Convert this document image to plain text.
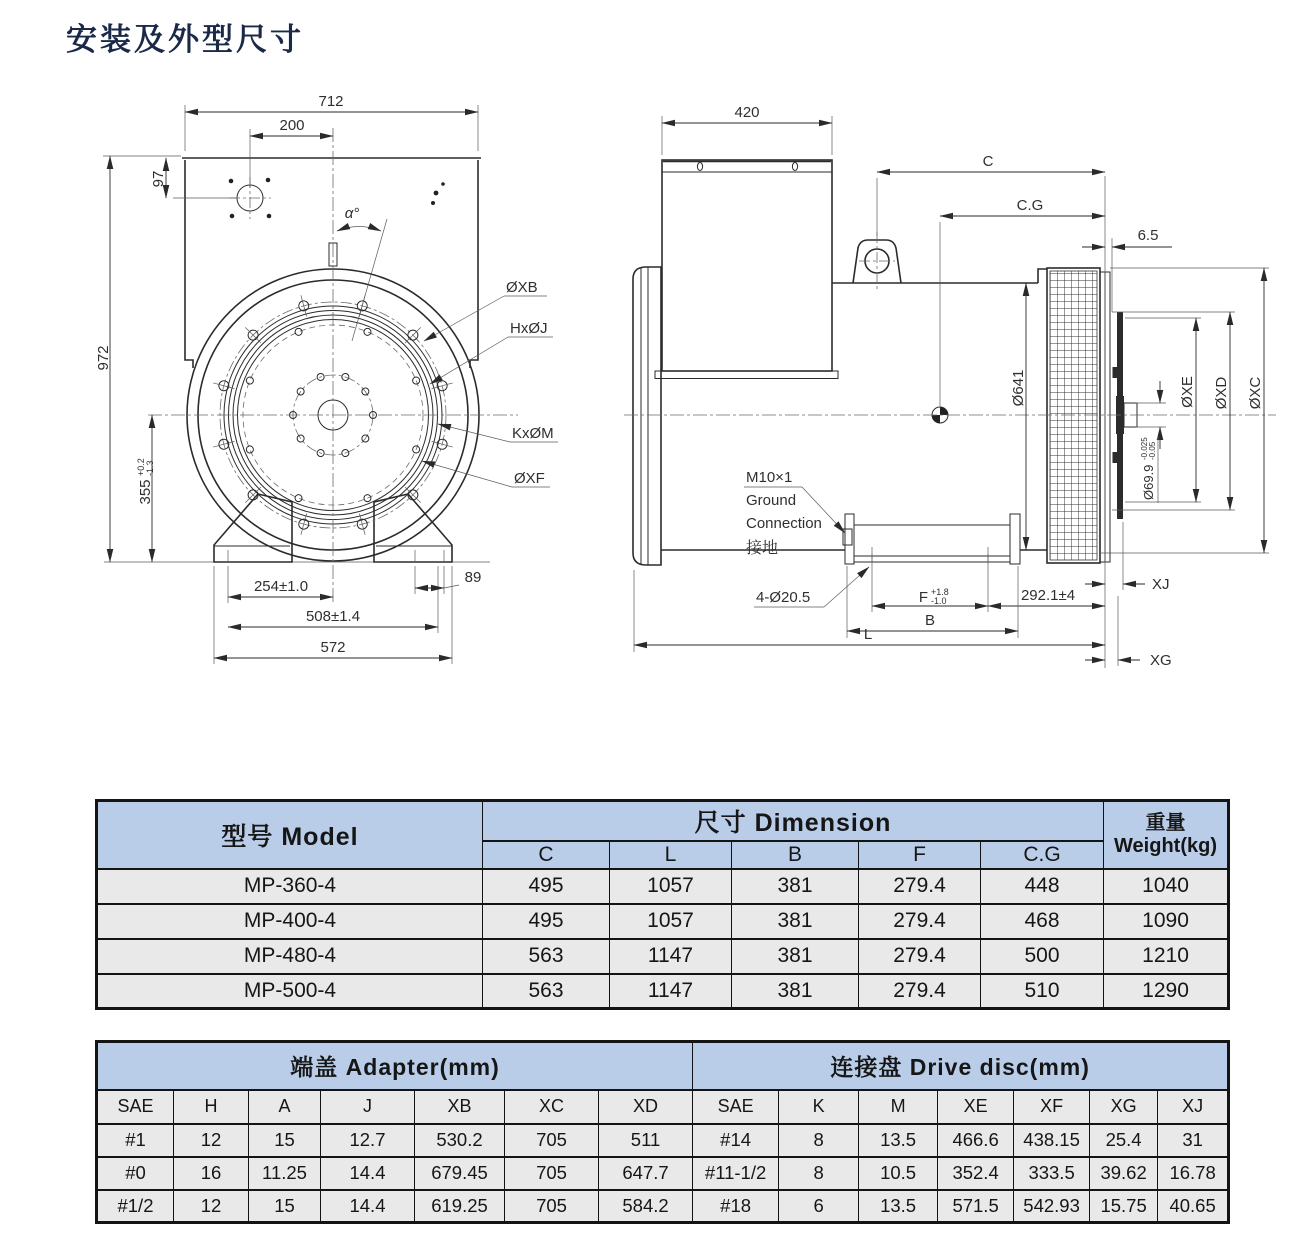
安装及外型尺寸
α°
712
200
97
972
355
+0.2 -1.3
254±1.0
508±1.4
572
89
ØXB
HxØJ
KxØM
ØXF
420
C
C.G
6.5
Ø641
M10×1
Ground
Connection
接地
4-Ø20.5	F +1.8
-1.0	292.1±4
B
L
XJ
XG
ØXE ØXD ØXC
Ø69.9
-0.025 -0.05
型号 Model	尺寸 Dimension					重量
Weight(kg)

	C	L	B	F	C.G	
MP-360-4	495	1057	381	279.4	448	1040
MP-400-4	495	1057	381	279.4	468	1090
MP-480-4	563	1147	381	279.4	500	1210
MP-500-4	563	1147	381	279.4	510	1290
端盖 Adapter(mm)							连接盘 Drive disc(mm)						
SAE	H	A	J	XB	XC	XD	SAE	K	M	XE	XF	XG	XJ
#1	12	15	12.7	530.2	705	511	#14	8	13.5	466.6	438.15	25.4	31
#0	16	11.25	14.4	679.45	705	647.7	#11-1/2	8	10.5	352.4	333.5	39.62	16.78
#1/2	12	15	14.4	619.25	705	584.2	#18	6	13.5	571.5	542.93	15.75	40.65
